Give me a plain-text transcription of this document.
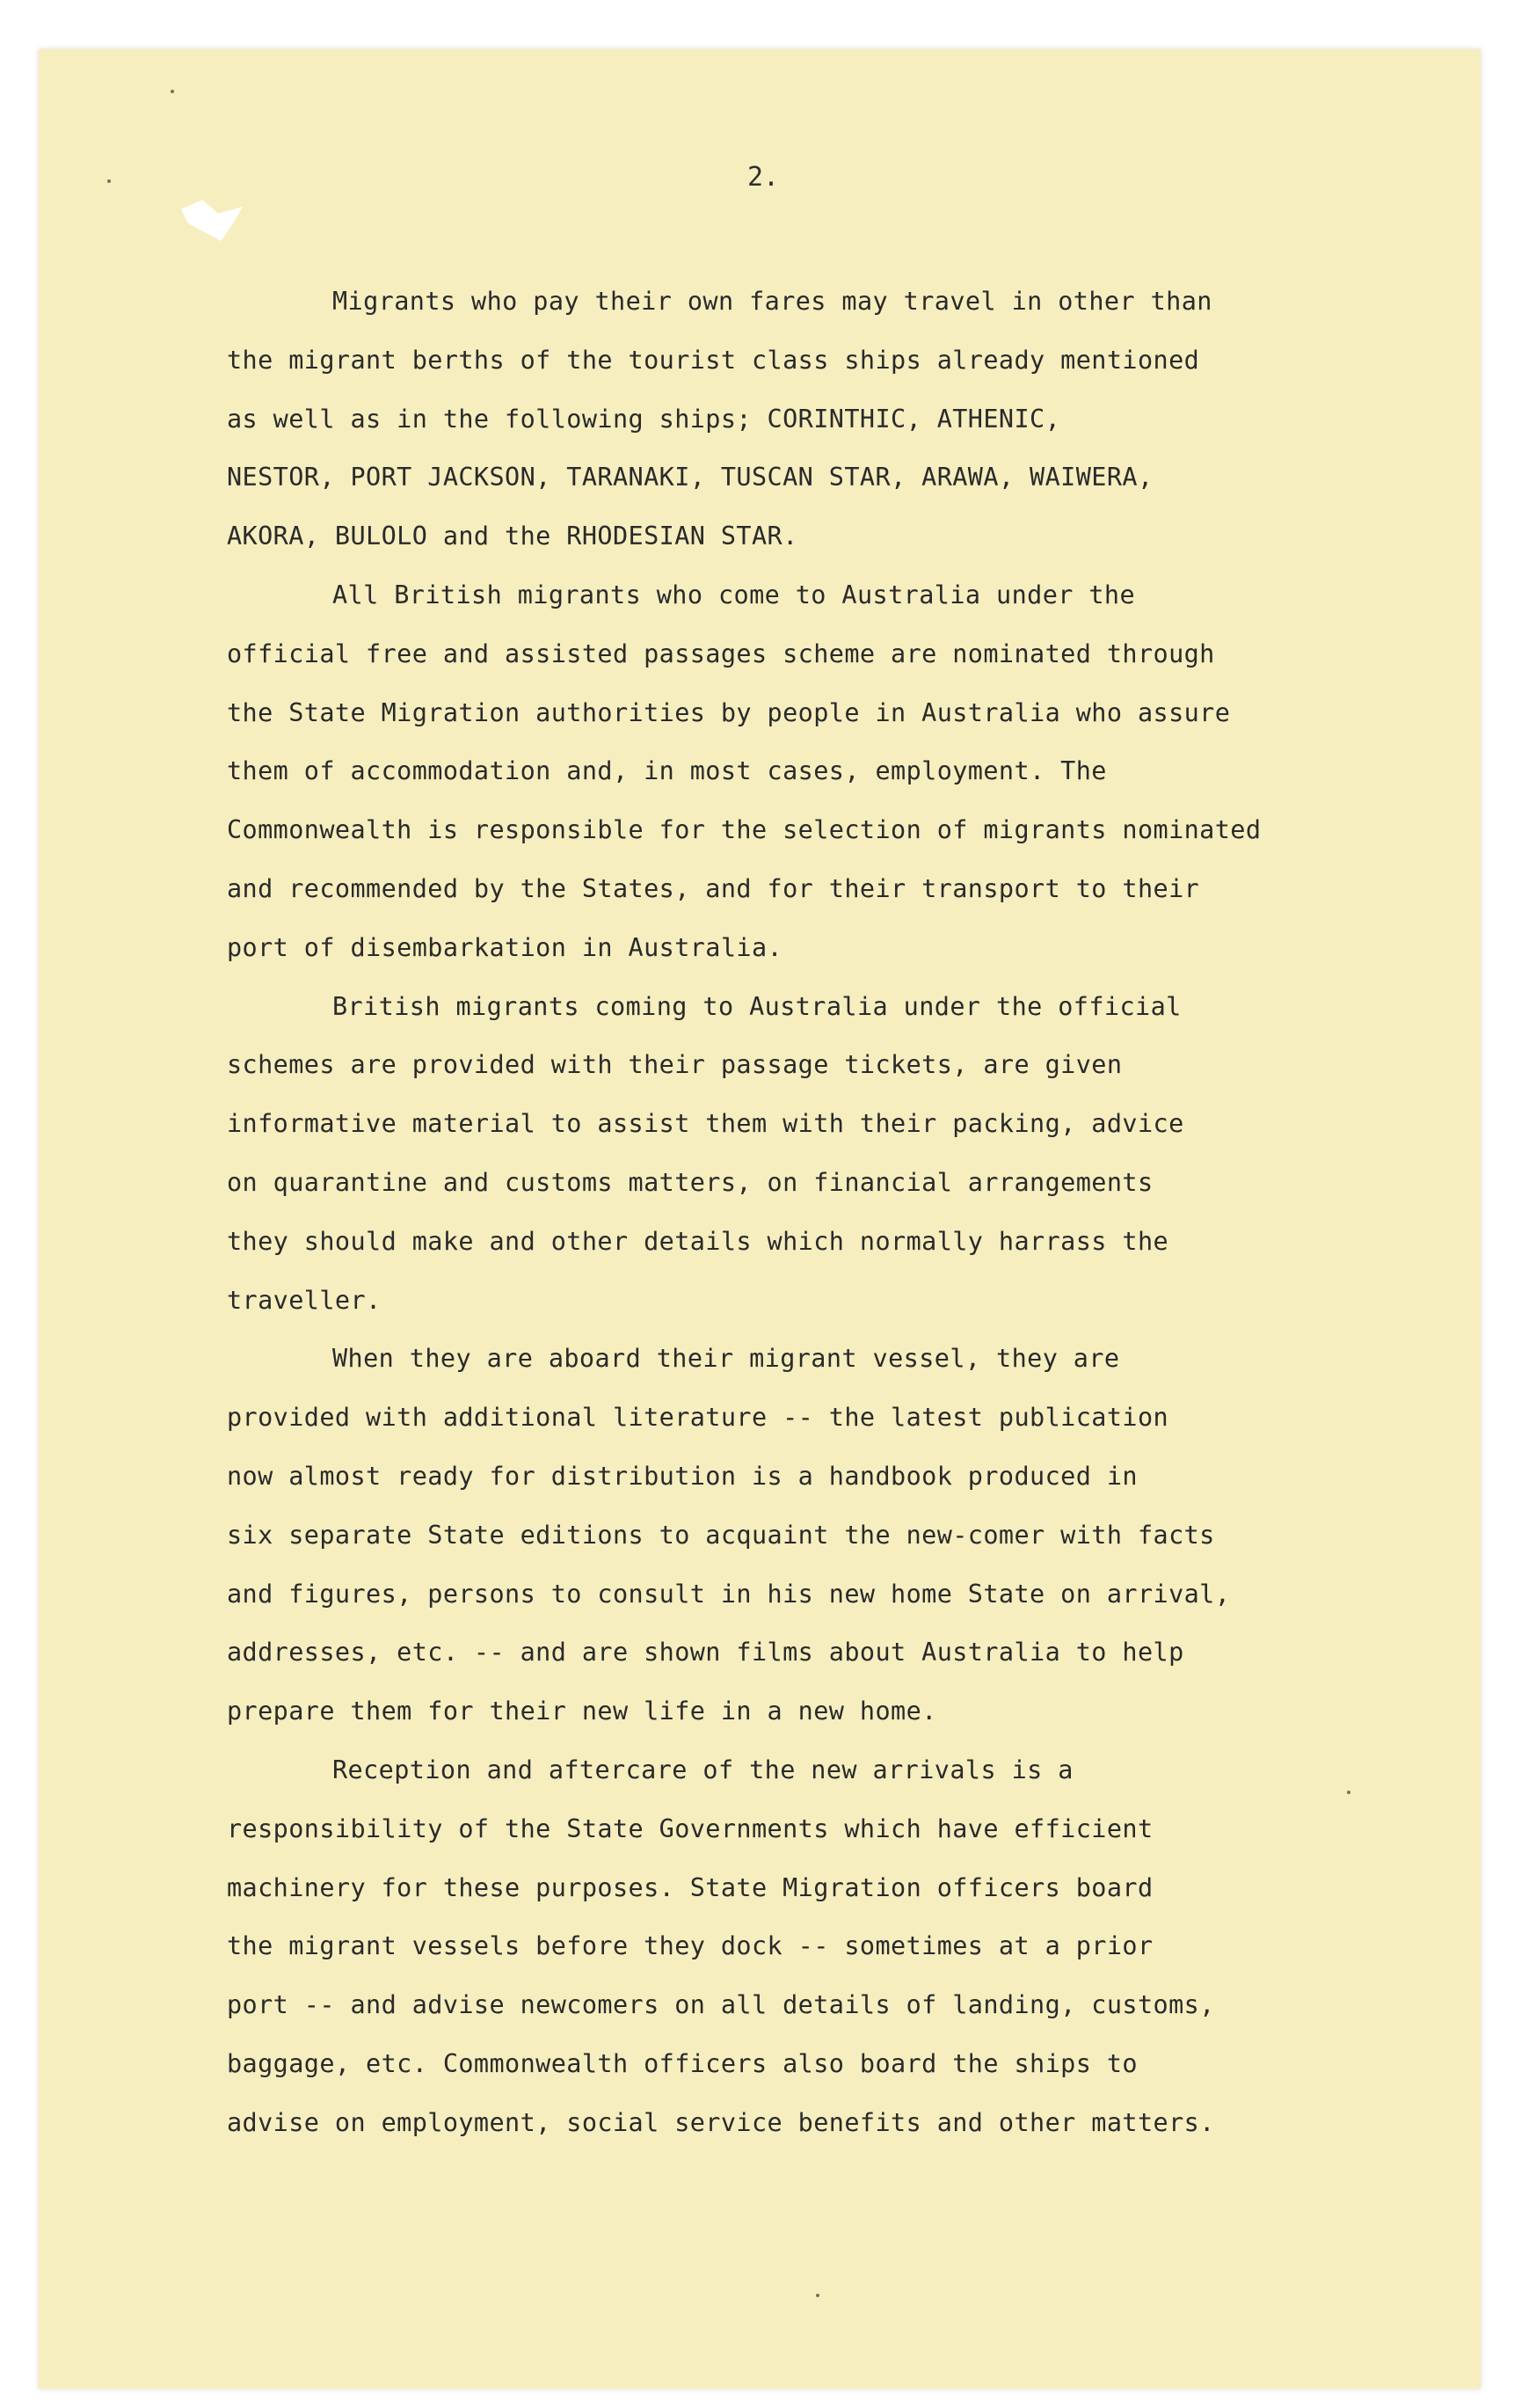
2.
Migrants who pay their own fares may travel in other than
the migrant berths of the tourist class ships already mentioned
as well as in the following ships; CORINTHIC, ATHENIC,
NESTOR, PORT JACKSON, TARANAKI, TUSCAN STAR, ARAWA, WAIWERA,
AKORA, BULOLO and the RHODESIAN STAR.
All British migrants who come to Australia under the
official free and assisted passages scheme are nominated through
the State Migration authorities by people in Australia who assure
them of accommodation and, in most cases, employment. The
Commonwealth is responsible for the selection of migrants nominated
and recommended by the States, and for their transport to their
port of disembarkation in Australia.
British migrants coming to Australia under the official
schemes are provided with their passage tickets, are given
informative material to assist them with their packing, advice
on quarantine and customs matters, on financial arrangements
they should make and other details which normally harrass the
traveller.
When they are aboard their migrant vessel, they are
provided with additional literature -- the latest publication
now almost ready for distribution is a handbook produced in
six separate State editions to acquaint the new-comer with facts
and figures, persons to consult in his new home State on arrival,
addresses, etc. -- and are shown films about Australia to help
prepare them for their new life in a new home.
Reception and aftercare of the new arrivals is a
responsibility of the State Governments which have efficient
machinery for these purposes. State Migration officers board
the migrant vessels before they dock -- sometimes at a prior
port -- and advise newcomers on all details of landing, customs,
baggage, etc. Commonwealth officers also board the ships to
advise on employment, social service benefits and other matters.
